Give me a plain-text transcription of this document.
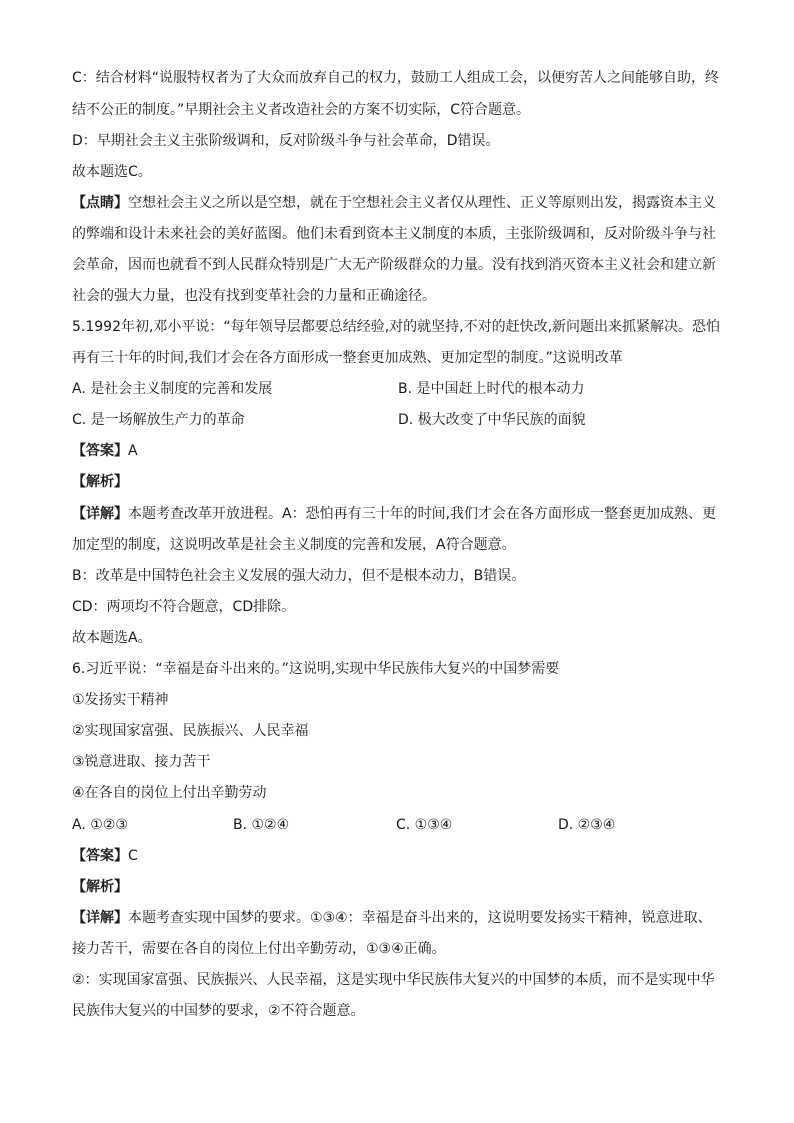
C：结合材料“说服特权者为了大众而放弃自己的权力，鼓励工人组成工会，以便穷苦人之间能够自助，终
结不公正的制度。”早期社会主义者改造社会的方案不切实际，C符合题意。
D：早期社会主义主张阶级调和，反对阶级斗争与社会革命，D错误。
故本题选C。
【点睛】空想社会主义之所以是空想，就在于空想社会主义者仅从理性、正义等原则出发，揭露资本主义
的弊端和设计未来社会的美好蓝图。他们未看到资本主义制度的本质，主张阶级调和，反对阶级斗争与社
会革命，因而也就看不到人民群众特别是广大无产阶级群众的力量。没有找到消灭资本主义社会和建立新
社会的强大力量，也没有找到变革社会的力量和正确途径。
5.1992年初,邓小平说：“每年领导层都要总结经验,对的就坚持,不对的赶快改,新问题出来抓紧解决。恐怕
再有三十年的时间,我们才会在各方面形成一整套更加成熟、更加定型的制度。”这说明改革
A. 是社会主义制度的完善和发展	B. 是中国赶上时代的根本动力
C. 是一场解放生产力的革命	D. 极大改变了中华民族的面貌
【答案】A
【解析】
【详解】本题考查改革开放进程。A：恐怕再有三十年的时间,我们才会在各方面形成一整套更加成熟、更
加定型的制度，这说明改革是社会主义制度的完善和发展，A符合题意。
B：改革是中国特色社会主义发展的强大动力，但不是根本动力，B错误。
CD：两项均不符合题意，CD排除。
故本题选A。
6.习近平说：“幸福是奋斗出来的。”这说明,实现中华民族伟大复兴的中国梦需要
①发扬实干精神
②实现国家富强、民族振兴、人民幸福
③锐意进取、接力苦干
④在各自的岗位上付出辛勤劳动
A. ①②③	B. ①②④	C. ①③④	D. ②③④
【答案】C
【解析】
【详解】本题考查实现中国梦的要求。①③④：幸福是奋斗出来的，这说明要发扬实干精神，锐意进取、
接力苦干，需要在各自的岗位上付出辛勤劳动，①③④正确。
②：实现国家富强、民族振兴、人民幸福，这是实现中华民族伟大复兴的中国梦的本质，而不是实现中华
民族伟大复兴的中国梦的要求，②不符合题意。
